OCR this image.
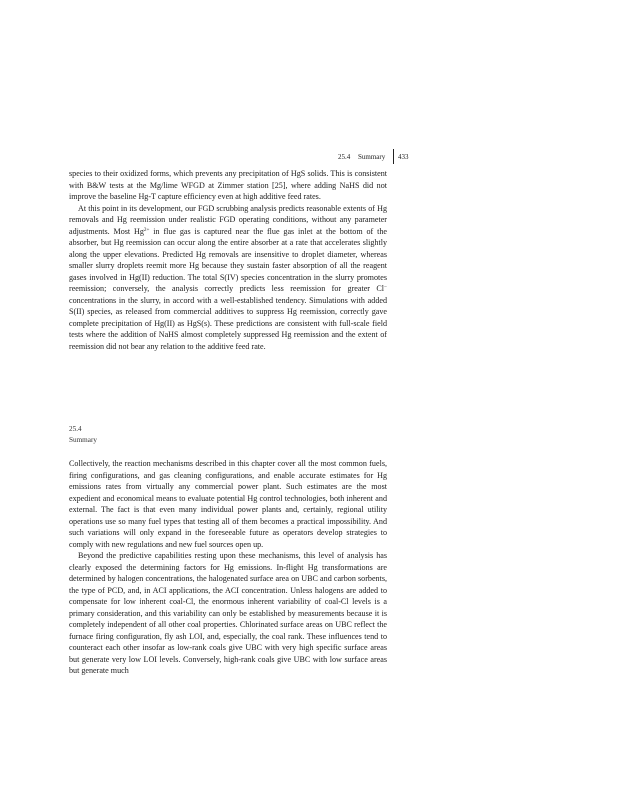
25.4 Summary 433

species to their oxidized forms, which prevents any precipitation of HgS solids. This is consistent with B&W tests at the Mg/lime WFGD at Zimmer station [25], where adding NaHS did not improve the baseline Hg-T capture efficiency even at high additive feed rates.

At this point in its development, our FGD scrubbing analysis predicts reasonable extents of Hg removals and Hg reemission under realistic FGD operating conditions, without any parameter adjustments. Most $Hg^{2+}$ in flue gas is captured near the flue gas inlet at the bottom of the absorber, but Hg reemission can occur along the entire absorber at a rate that accelerates slightly along the upper elevations. Predicted Hg removals are insensitive to droplet diameter, whereas smaller slurry droplets reemit more Hg because they sustain faster absorption of all the reagent gases involved in Hg(II) reduction. The total S(IV) species concentration in the slurry promotes reemission; conversely, the analysis correctly predicts less reemission for greater Cl− concentrations in the slurry, in accord with a well-established tendency. Simulations with added S(II) species, as released from commercial additives to suppress Hg reemission, correctly gave complete precipitation of Hg(II) as HgS(s). These predictions are consistent with full-scale field tests where the addition of NaHS almost completely suppressed Hg reemission and the extent of reemission did not bear any relation to the additive feed rate.

25.4
Summary

Collectively, the reaction mechanisms described in this chapter cover all the most common fuels, firing configurations, and gas cleaning configurations, and enable accurate estimates for Hg emissions rates from virtually any commercial power plant. Such estimates are the most expedient and economical means to evaluate potential Hg control technologies, both inherent and external. The fact is that even many individual power plants and, certainly, regional utility operations use so many fuel types that testing all of them becomes a practical impossibility. And such variations will only expand in the foreseeable future as operators develop strategies to comply with new regulations and new fuel sources open up.

Beyond the predictive capabilities resting upon these mechanisms, this level of analysis has clearly exposed the determining factors for Hg emissions. In-flight Hg transformations are determined by halogen concentrations, the halogenated surface area on UBC and carbon sorbents, the type of PCD, and, in ACI applications, the ACI concentration. Unless halogens are added to compensate for low inherent coal-Cl, the enormous inherent variability of coal-Cl levels is a primary consideration, and this variability can only be established by measurements because it is completely independent of all other coal properties. Chlorinated surface areas on UBC reflect the furnace firing configuration, fly ash LOI, and, especially, the coal rank. These influences tend to counteract each other insofar as low-rank coals give UBC with very high specific surface areas but generate very low LOI levels. Conversely, high-rank coals give UBC with low surface areas but generate much
